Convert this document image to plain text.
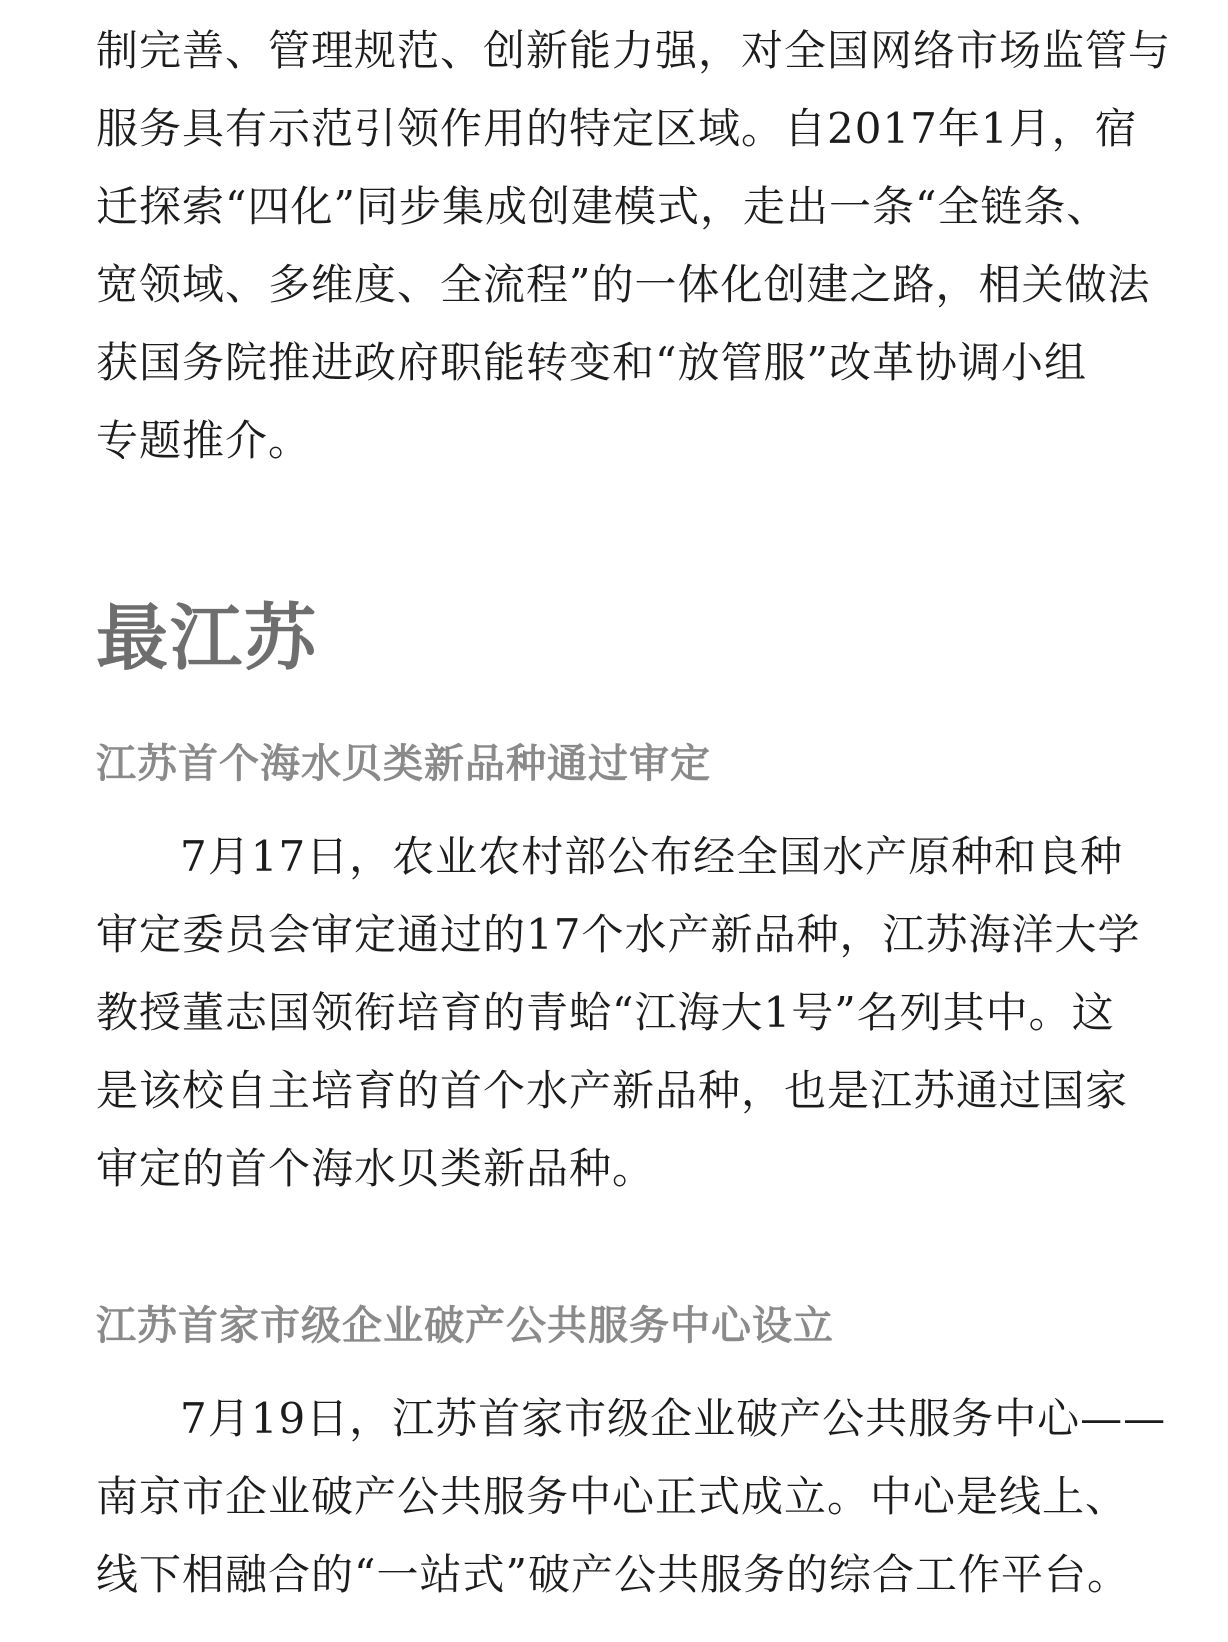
制完善、管理规范、创新能力强，对全国网络市场监管与
服务具有示范引领作用的特定区域。自2017年1月，宿
迁探索“四化”同步集成创建模式，走出一条“全链条、
宽领域、多维度、全流程”的一体化创建之路，相关做法
获国务院推进政府职能转变和“放管服”改革协调小组
专题推介。
最江苏
江苏首个海水贝类新品种通过审定
7月17日，农业农村部公布经全国水产原种和良种
审定委员会审定通过的17个水产新品种，江苏海洋大学
教授董志国领衔培育的青蛤“江海大1号”名列其中。这
是该校自主培育的首个水产新品种，也是江苏通过国家
审定的首个海水贝类新品种。
江苏首家市级企业破产公共服务中心设立
7月19日，江苏首家市级企业破产公共服务中心——
南京市企业破产公共服务中心正式成立。中心是线上、
线下相融合的“一站式”破产公共服务的综合工作平台。
